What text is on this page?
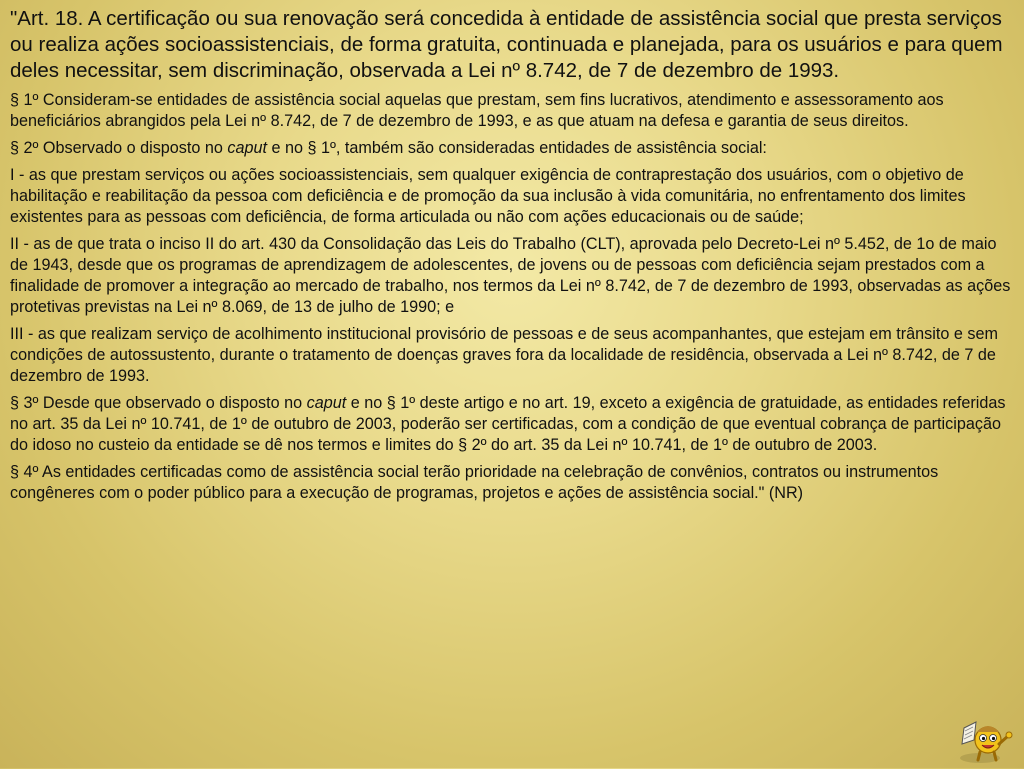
"Art. 18. A certificação ou sua renovação será concedida à entidade de assistência social que presta serviços ou realiza ações socioassistenciais, de forma gratuita, continuada e planejada, para os usuários e para quem deles necessitar, sem discriminação, observada a Lei nº 8.742, de 7 de dezembro de 1993.

§ 1º Consideram-se entidades de assistência social aquelas que prestam, sem fins lucrativos, atendimento e assessoramento aos beneficiários abrangidos pela Lei nº 8.742, de 7 de dezembro de 1993, e as que atuam na defesa e garantia de seus direitos.

§ 2º Observado o disposto no caput e no § 1º, também são consideradas entidades de assistência social:

I - as que prestam serviços ou ações socioassistenciais, sem qualquer exigência de contraprestação dos usuários, com o objetivo de habilitação e reabilitação da pessoa com deficiência e de promoção da sua inclusão à vida comunitária, no enfrentamento dos limites existentes para as pessoas com deficiência, de forma articulada ou não com ações educacionais ou de saúde;

II - as de que trata o inciso II do art. 430 da Consolidação das Leis do Trabalho (CLT), aprovada pelo Decreto-Lei nº 5.452, de 1o de maio de 1943, desde que os programas de aprendizagem de adolescentes, de jovens ou de pessoas com deficiência sejam prestados com a finalidade de promover a integração ao mercado de trabalho, nos termos da Lei nº 8.742, de 7 de dezembro de 1993, observadas as ações protetivas previstas na Lei nº 8.069, de 13 de julho de 1990; e

III - as que realizam serviço de acolhimento institucional provisório de pessoas e de seus acompanhantes, que estejam em trânsito e sem condições de autossustento, durante o tratamento de doenças graves fora da localidade de residência, observada a Lei nº 8.742, de 7 de dezembro de 1993.

§ 3º Desde que observado o disposto no caput e no § 1º deste artigo e no art. 19, exceto a exigência de gratuidade, as entidades referidas no art. 35 da Lei nº 10.741, de 1º de outubro de 2003, poderão ser certificadas, com a condição de que eventual cobrança de participação do idoso no custeio da entidade se dê nos termos e limites do § 2º do art. 35 da Lei nº 10.741, de 1º de outubro de 2003.

§ 4º As entidades certificadas como de assistência social terão prioridade na celebração de convênios, contratos ou instrumentos congêneres com o poder público para a execução de programas, projetos e ações de assistência social." (NR)
